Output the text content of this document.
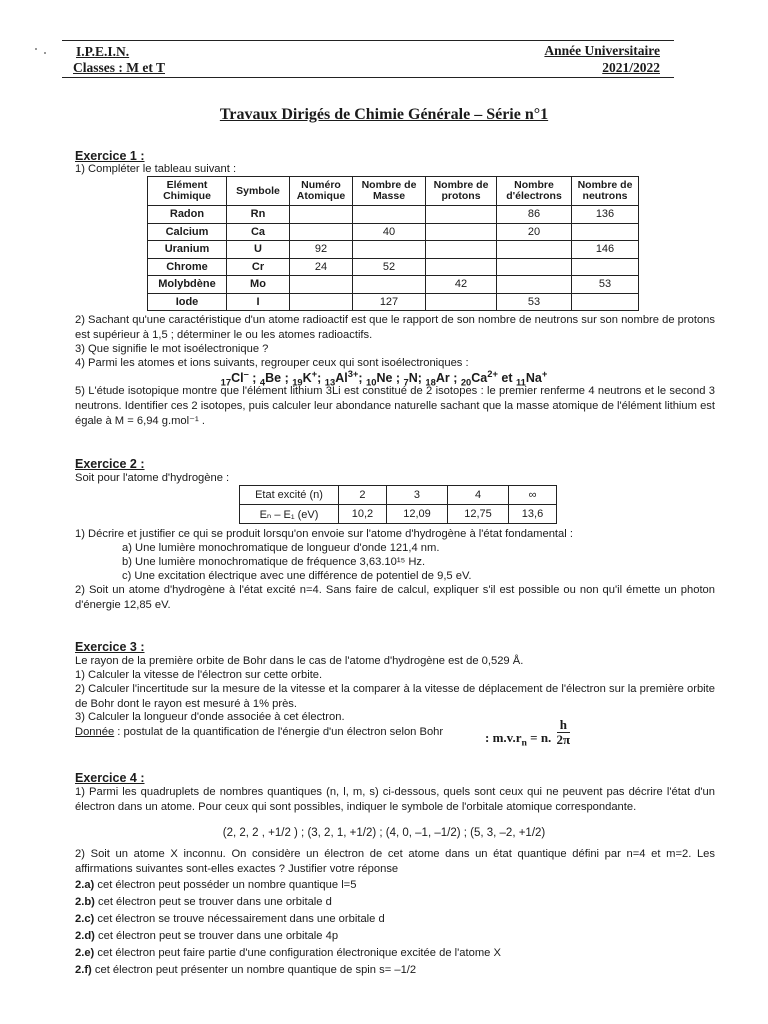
I.P.E.I.N.
Classes : M et T
Année Universitaire
2021/2022
Travaux Dirigés de Chimie Générale – Série n°1
Exercice 1 :
1) Compléter le tableau suivant :
Elément Chimique	Symbole	Numéro Atomique	Nombre de Masse	Nombre de protons	Nombre d'électrons	Nombre de neutrons
Radon	Rn				86	136
Calcium	Ca		40		20	
Uranium	U	92				146
Chrome	Cr	24	52			
Molybdène	Mo			42		53
Iode	I		127		53	
2) Sachant qu'une caractéristique d'un atome radioactif est que le rapport de son nombre de neutrons sur son nombre de protons est supérieur à 1,5 ; déterminer le ou les atomes radioactifs.
3) Que signifie le mot isoélectronique ?
4) Parmi les atomes et ions suivants, regrouper ceux qui sont isoélectroniques :
$_{17}$Cl– ; $_4$Be ; $_{19}$K+; $_{13}Al^{3+}$; $_{10}$Ne ; $_7$N; $_{18}$Ar ; $_{20}Ca^{2+}$ et $_{11}$Na+
5) L'étude isotopique montre que l'élément lithium 3Li est constitué de 2 isotopes : le premier renferme 4 neutrons et le second 3 neutrons. Identifier ces 2 isotopes, puis calculer leur abondance naturelle sachant que la masse atomique de l'élément lithium est égale à M = 6,94 g.mol⁻¹ .
Exercice 2 :
Soit pour l'atome d'hydrogène :
Etat excité (n)	2	3	4	∞
Eₙ – E₁ (eV)	10,2	12,09	12,75	13,6
1) Décrire et justifier ce qui se produit lorsqu'on envoie sur l'atome d'hydrogène à l'état fondamental :
a) Une lumière monochromatique de longueur d'onde 121,4 nm.
b) Une lumière monochromatique de fréquence 3,63.10¹⁵ Hz.
c) Une excitation électrique avec une différence de potentiel de 9,5 eV.
2) Soit un atome d'hydrogène à l'état excité n=4. Sans faire de calcul, expliquer s'il est possible ou non qu'il émette un photon d'énergie 12,85 eV.
Exercice 3 :
Le rayon de la première orbite de Bohr dans le cas de l'atome d'hydrogène est de 0,529 Å.
1) Calculer la vitesse de l'électron sur cette orbite.
2) Calculer l'incertitude sur la mesure de la vitesse et la comparer à la vitesse de déplacement de l'électron sur la première orbite de Bohr dont le rayon est mesuré à 1% près.
3) Calculer la longueur d'onde associée à cet électron.
Donnée : postulat de la quantification de l'énergie d'un électron selon Bohr	: $m.v.r_n = n$. $\frac{h}{2\pi}$
Exercice 4 :
1) Parmi les quadruplets de nombres quantiques (n, l, m, s) ci-dessous, quels sont ceux qui ne peuvent pas décrire l'état d'un électron dans un atome. Pour ceux qui sont possibles, indiquer le symbole de l'orbitale atomique correspondante.
(2, 2, 2 , +1/2 ) ; (3, 2, 1, +1/2) ; (4, 0, –1, –1/2) ; (5, 3, –2, +1/2)
2) Soit un atome X inconnu. On considère un électron de cet atome dans un état quantique défini par n=4 et m=2. Les affirmations suivantes sont-elles exactes ? Justifier votre réponse
2.a) cet électron peut posséder un nombre quantique l=5
2.b) cet électron peut se trouver dans une orbitale d
2.c) cet électron se trouve nécessairement dans une orbitale d
2.d) cet électron peut se trouver dans une orbitale 4p
2.e) cet électron peut faire partie d'une configuration électronique excitée de l'atome X
2.f) cet électron peut présenter un nombre quantique de spin s= –1/2
